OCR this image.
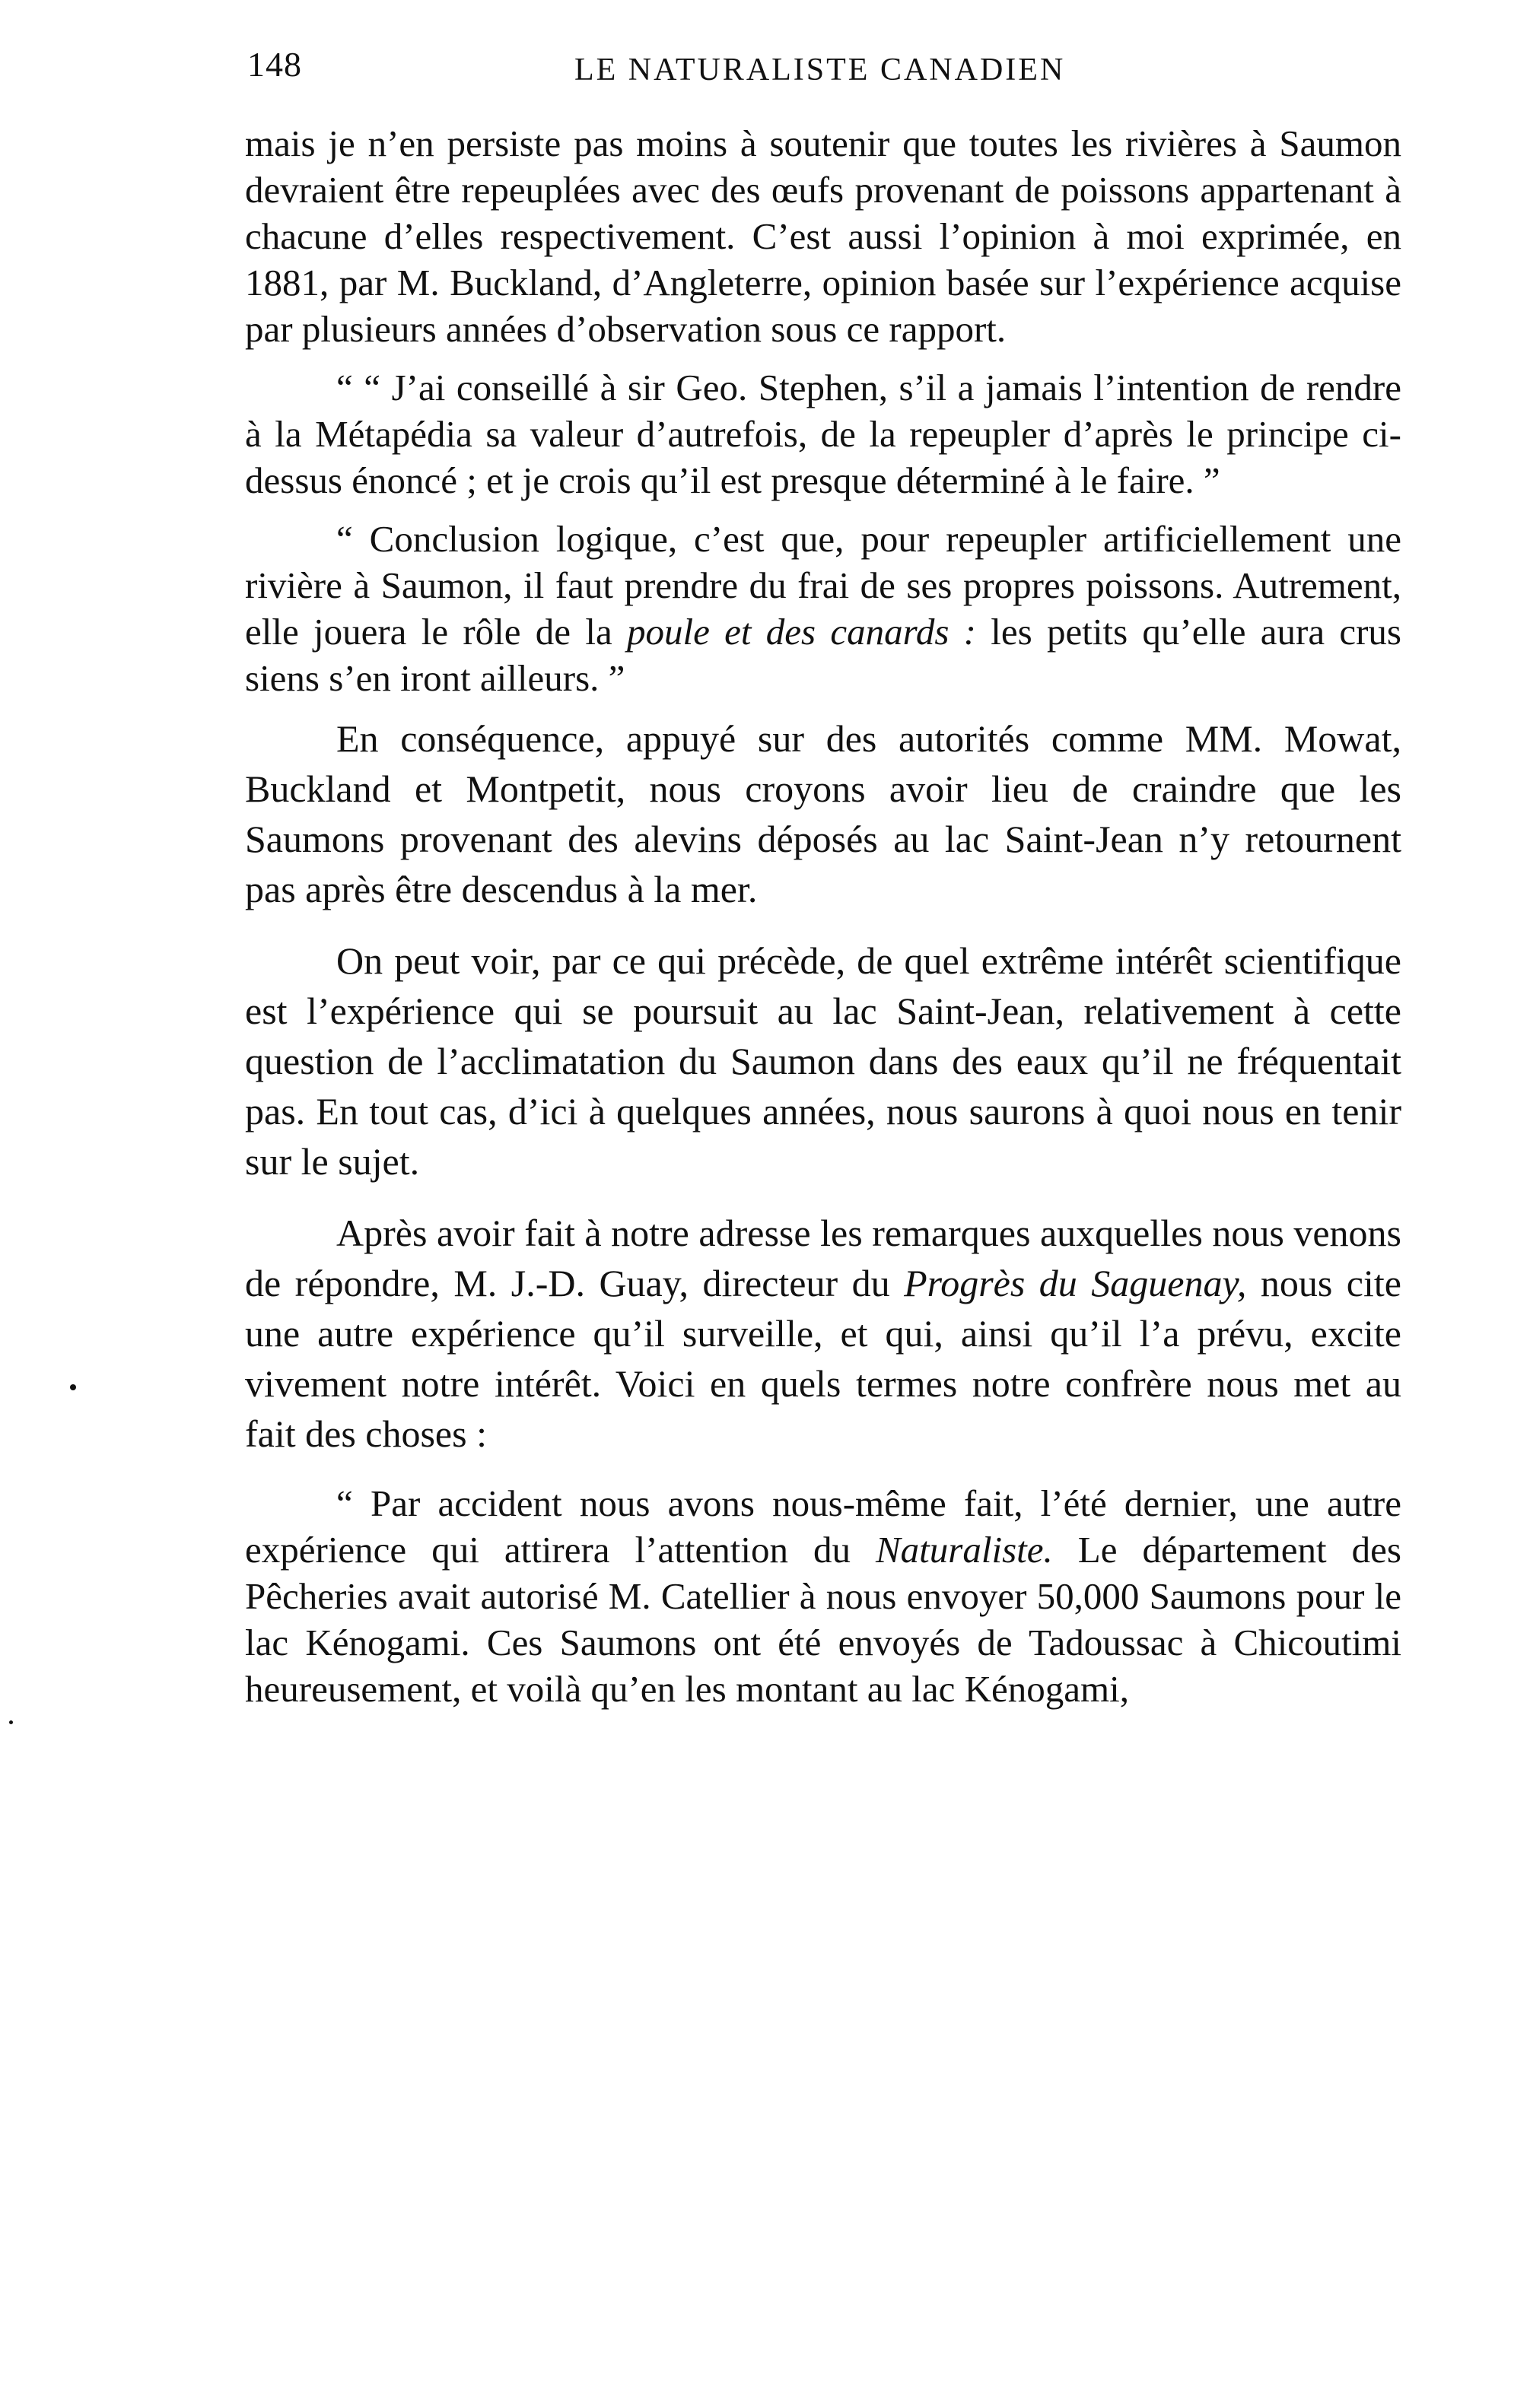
148	LE NATURALISTE CANADIEN

mais je n’en persiste pas moins à soutenir que toutes les rivières à Saumon devraient être repeuplées avec des œufs provenant de poissons appartenant à chacune d’elles respectivement. C’est aussi l’opinion à moi exprimée, en 1881, par M. Buckland, d’Angleterre, opinion basée sur l’expérience acquise par plusieurs années d’observation sous ce rapport.

“ “ J’ai conseillé à sir Geo. Stephen, s’il a jamais l’intention de rendre à la Métapédia sa valeur d’autrefois, de la repeupler d’après le principe ci-dessus énoncé ; et je crois qu’il est presque déterminé à le faire. ”

“ Conclusion logique, c’est que, pour repeupler artificiellement une rivière à Saumon, il faut prendre du frai de ses propres poissons. Autrement, elle jouera le rôle de la poule et des canards : les petits qu’elle aura crus siens s’en iront ailleurs. ”

En conséquence, appuyé sur des autorités comme MM. Mowat, Buckland et Montpetit, nous croyons avoir lieu de craindre que les Saumons provenant des alevins déposés au lac Saint-Jean n’y retournent pas après être descendus à la mer.

On peut voir, par ce qui précède, de quel extrême intérêt scientifique est l’expérience qui se poursuit au lac Saint-Jean, relativement à cette question de l’acclimatation du Saumon dans des eaux qu’il ne fréquentait pas. En tout cas, d’ici à quelques années, nous saurons à quoi nous en tenir sur le sujet.

Après avoir fait à notre adresse les remarques auxquelles nous venons de répondre, M. J.-D. Guay, directeur du Progrès du Saguenay, nous cite une autre expérience qu’il surveille, et qui, ainsi qu’il l’a prévu, excite vivement notre intérêt. Voici en quels termes notre confrère nous met au fait des choses :

“ Par accident nous avons nous-même fait, l’été dernier, une autre expérience qui attirera l’attention du Naturaliste. Le département des Pêcheries avait autorisé M. Catellier à nous envoyer 50,000 Saumons pour le lac Kénogami. Ces Saumons ont été envoyés de Tadoussac à Chicoutimi heureusement, et voilà qu’en les montant au lac Kénogami,
